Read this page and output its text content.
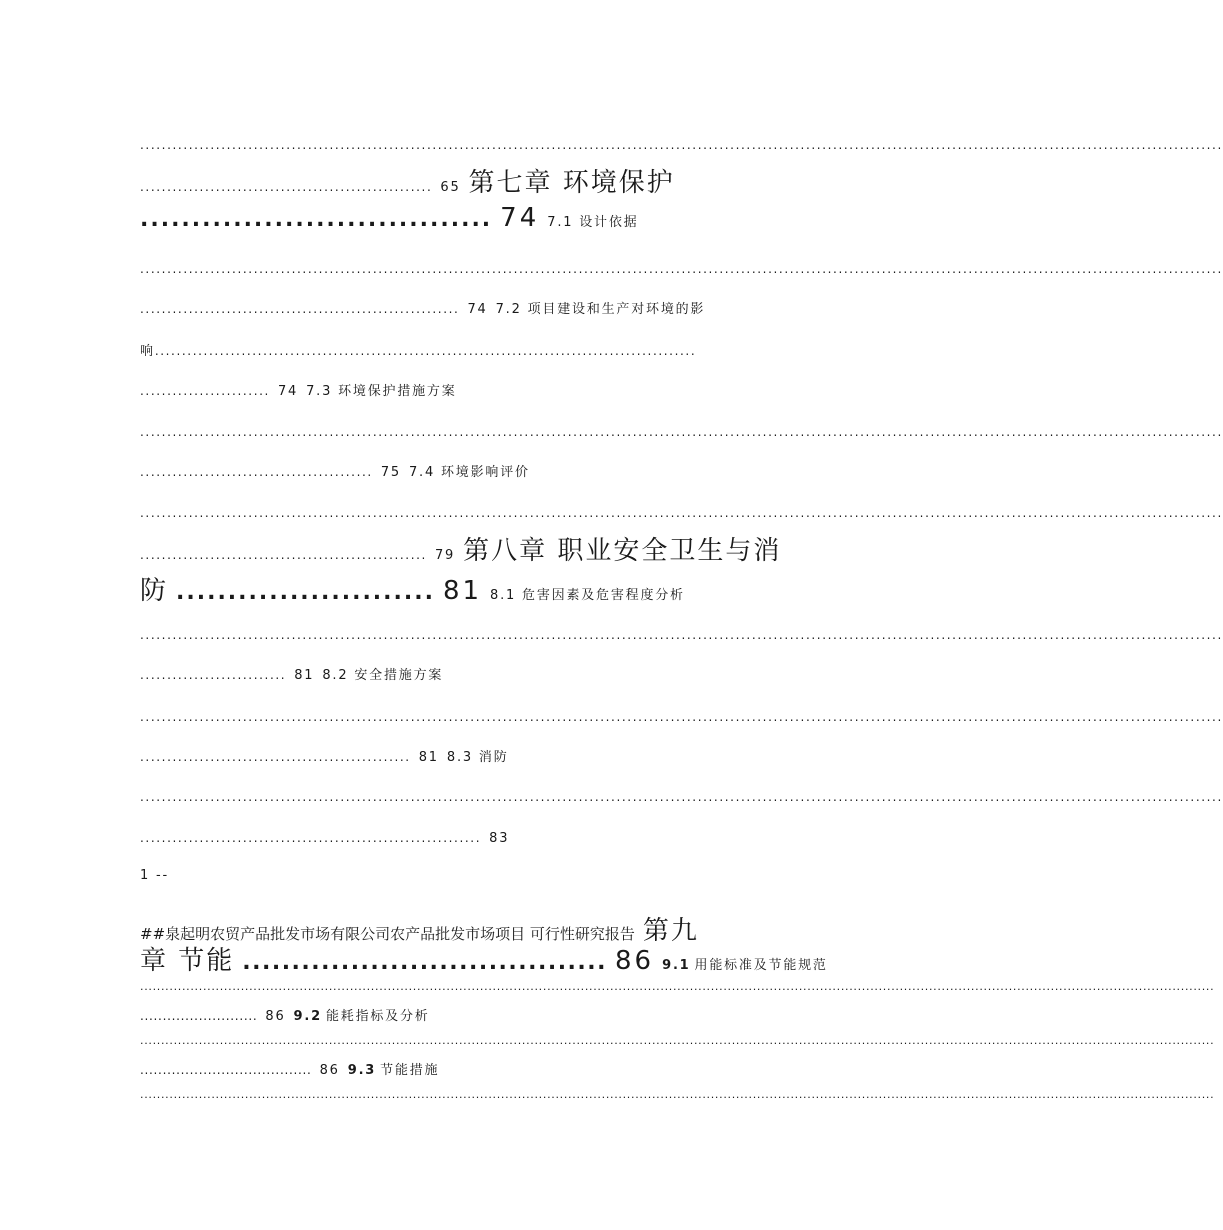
.....
...................................................... 65 第七章 环境保护
.................................. 74 7.1 设计依据
.....
........................................................... 74 7.2 项目建设和生产对环境的影
响....................................................................................................
........................ 74 7.3 环境保护措施方案
.....
........................................... 75 7.4 环境影响评价
.....
..................................................... 79 第八章 职业安全卫生与消
防 ......................... 81 8.1 危害因素及危害程度分析
.....
........................... 81 8.2 安全措施方案
.....
.................................................. 81 8.3 消防
.....
............................................................... 83
1 --
##泉起明农贸产品批发市场有限公司农产品批发市场项目 可行性研究报告 第九
章 节能 ..................................... 86 9.1 用能标准及节能规范
.....
.......................... 86 9.2 能耗指标及分析
.....
...................................... 86 9.3 节能措施
.....
